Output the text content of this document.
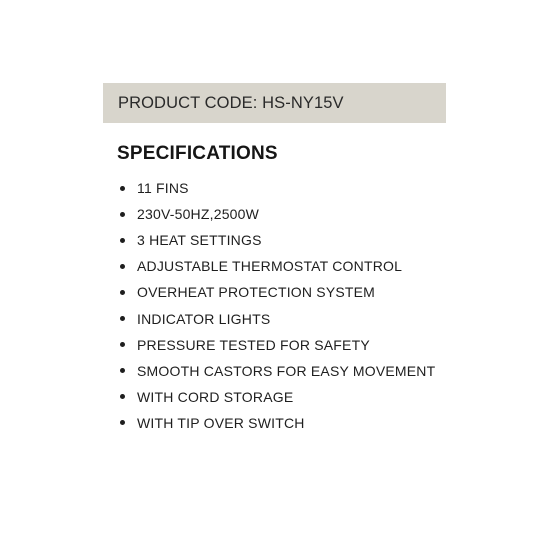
PRODUCT CODE: HS-NY15V
SPECIFICATIONS
11 FINS
230V-50HZ,2500W
3 HEAT SETTINGS
ADJUSTABLE THERMOSTAT CONTROL
OVERHEAT PROTECTION SYSTEM
INDICATOR LIGHTS
PRESSURE TESTED FOR SAFETY
SMOOTH CASTORS FOR EASY MOVEMENT
WITH CORD STORAGE
WITH TIP OVER SWITCH
